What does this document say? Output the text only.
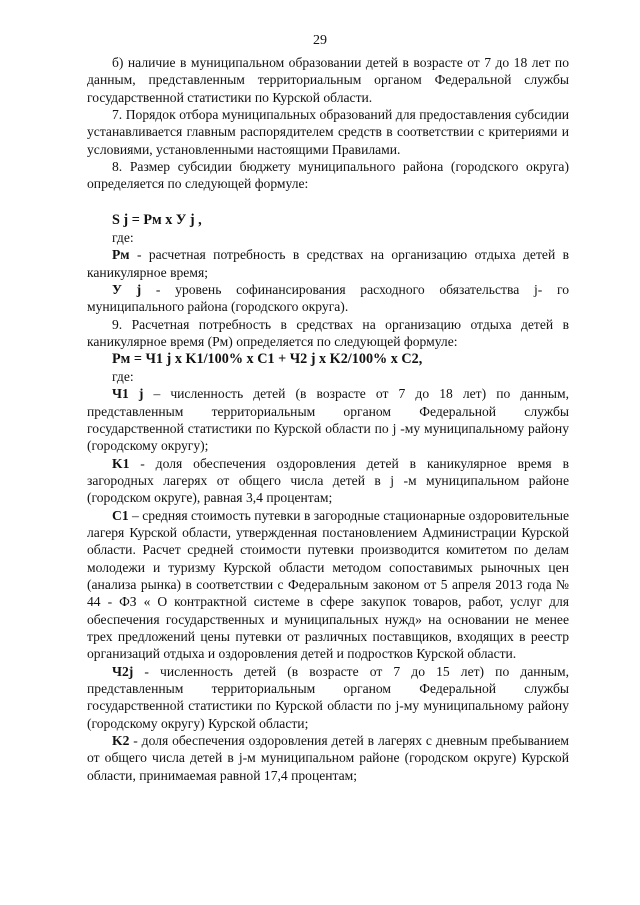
29

б) наличие в муниципальном образовании детей в возрасте от 7 до 18 лет по данным, представленным территориальным органом Федеральной службы государственной статистики по Курской области.

7. Порядок отбора муниципальных образований для предоставления субсидии устанавливается главным распорядителем средств в соответствии с критериями и условиями, установленными настоящими Правилами.

8. Размер субсидии бюджету муниципального района (городского округа) определяется по следующей формуле:

S j = Pм x У j ,

где:

Pм - расчетная потребность в средствах на организацию отдыха детей в каникулярное время;

У j - уровень софинансирования расходного обязательства j- го муниципального района (городского округа).

9. Расчетная потребность в средствах на организацию отдыха детей в каникулярное время (Pм) определяется по следующей формуле:

Pм = Ч1 j x K1/100% x C1 + Ч2 j x K2/100% x C2,

где:

Ч1 j – численность детей (в возрасте от 7 до 18 лет) по данным, представленным территориальным органом Федеральной службы государственной статистики по Курской области по j -му муниципальному району (городскому округу);

K1 - доля обеспечения оздоровления детей в каникулярное время в загородных лагерях от общего числа детей в j -м муниципальном районе (городском округе), равная 3,4 процентам;

C1 – средняя стоимость путевки в загородные стационарные оздоровительные лагеря Курской области, утвержденная постановлением Администрации Курской области. Расчет средней стоимости путевки производится комитетом по делам молодежи и туризму Курской области методом сопоставимых рыночных цен (анализа рынка) в соответствии с Федеральным законом от 5 апреля 2013 года № 44 - ФЗ « О контрактной системе в сфере закупок товаров, работ, услуг для обеспечения государственных и муниципальных нужд» на основании не менее трех предложений цены путевки от различных поставщиков, входящих в реестр организаций отдыха и оздоровления детей и подростков Курской области.

Ч2j - численность детей (в возрасте от 7 до 15 лет) по данным, представленным территориальным органом Федеральной службы государственной статистики по Курской области по j-му муниципальному району (городскому округу) Курской области;

K2 - доля обеспечения оздоровления детей в лагерях с дневным пребыванием от общего числа детей в j-м муниципальном районе (городском округе) Курской области, принимаемая равной 17,4 процентам;
